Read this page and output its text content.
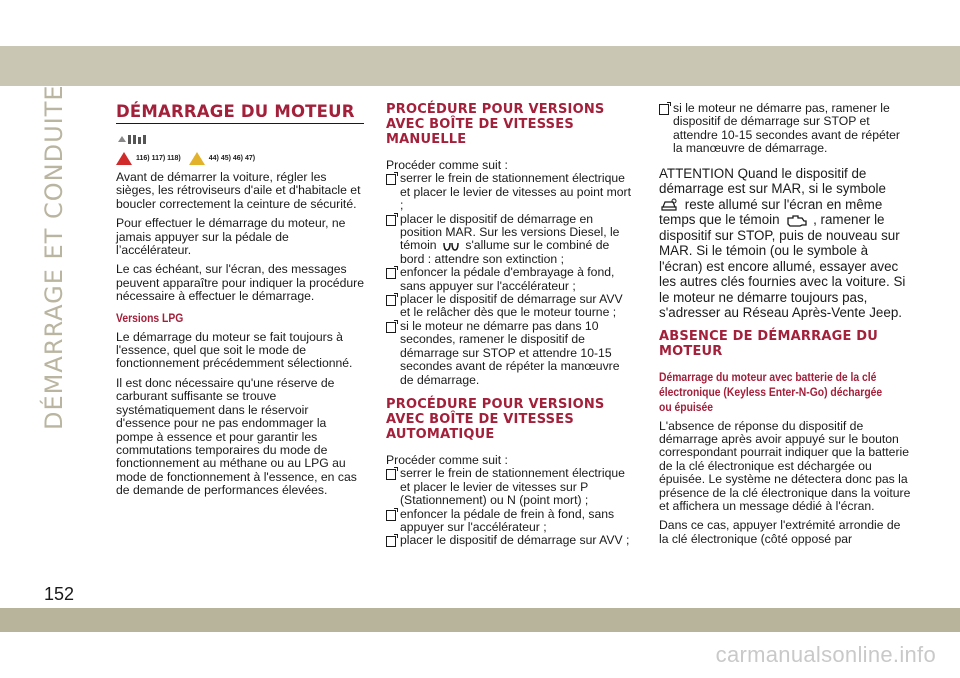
DÉMARRAGE ET CONDUITE	DÉMARRAGE DU MOTEUR
116) 117) 118)	44) 45) 46) 47)

Avant de démarrer la voiture, régler les sièges, les rétroviseurs d'aile et d'habitacle et boucler correctement la ceinture de sécurité.

Pour effectuer le démarrage du moteur, ne jamais appuyer sur la pédale de l’accélérateur.

Le cas échéant, sur l'écran, des messages peuvent apparaître pour indiquer la procédure nécessaire à effectuer le démarrage.

Versions LPG

Le démarrage du moteur se fait toujours à l'essence, quel que soit le mode de fonctionnement précédemment sélectionné.

Il est donc nécessaire qu'une réserve de carburant suffisante se trouve systématiquement dans le réservoir d'essence pour ne pas endommager la pompe à essence et pour garantir les commutations temporaires du mode de fonctionnement au méthane ou au LPG au mode de fonctionnement à l'essence, en cas de demande de performances élevées.

PROCÉDURE POUR VERSIONS AVEC BOÎTE DE VITESSES MANUELLE

Procéder comme suit :

serrer le frein de stationnement électrique et placer le levier de vitesses au point mort ;
placer le dispositif de démarrage en position MAR. Sur les versions Diesel, le témoin s'allume sur le combiné de bord : attendre son extinction ;
enfoncer la pédale d'embrayage à fond, sans appuyer sur l'accélérateur ;
placer le dispositif de démarrage sur AVV et le relâcher dès que le moteur tourne ;
si le moteur ne démarre pas dans 10 secondes, ramener le dispositif de démarrage sur STOP et attendre 10-15 secondes avant de répéter la manœuvre de démarrage.
PROCÉDURE POUR VERSIONS AVEC BOÎTE DE VITESSES AUTOMATIQUE

Procéder comme suit :

serrer le frein de stationnement électrique et placer le levier de vitesses sur P (Stationnement) ou N (point mort) ;
enfoncer la pédale de frein à fond, sans appuyer sur l'accélérateur ;
placer le dispositif de démarrage sur AVV ;
si le moteur ne démarre pas, ramener le dispositif de démarrage sur STOP et attendre 10-15 secondes avant de répéter la manœuvre de démarrage.

ATTENTION Quand le dispositif de démarrage est sur MAR, si le symbole  reste allumé sur l'écran en même temps que le témoin , ramener le dispositif sur STOP, puis de nouveau sur MAR. Si le témoin (ou le symbole à l'écran) est encore allumé, essayer avec les autres clés fournies avec la voiture. Si le moteur ne démarre toujours pas, s'adresser au Réseau Après-Vente Jeep.

ABSENCE DE DÉMARRAGE DU MOTEUR
Démarrage du moteur avec batterie de la clé électronique (Keyless Enter-N-Go) déchargée ou épuisée

L'absence de réponse du dispositif de démarrage après avoir appuyé sur le bouton correspondant pourrait indiquer que la batterie de la clé électronique est déchargée ou épuisée. Le système ne détectera donc pas la présence de la clé électronique dans la voiture et affichera un message dédié à l'écran.

Dans ce cas, appuyer l'extrémité arrondie de la clé électronique (côté opposé par

152
carmanualsonline.info
